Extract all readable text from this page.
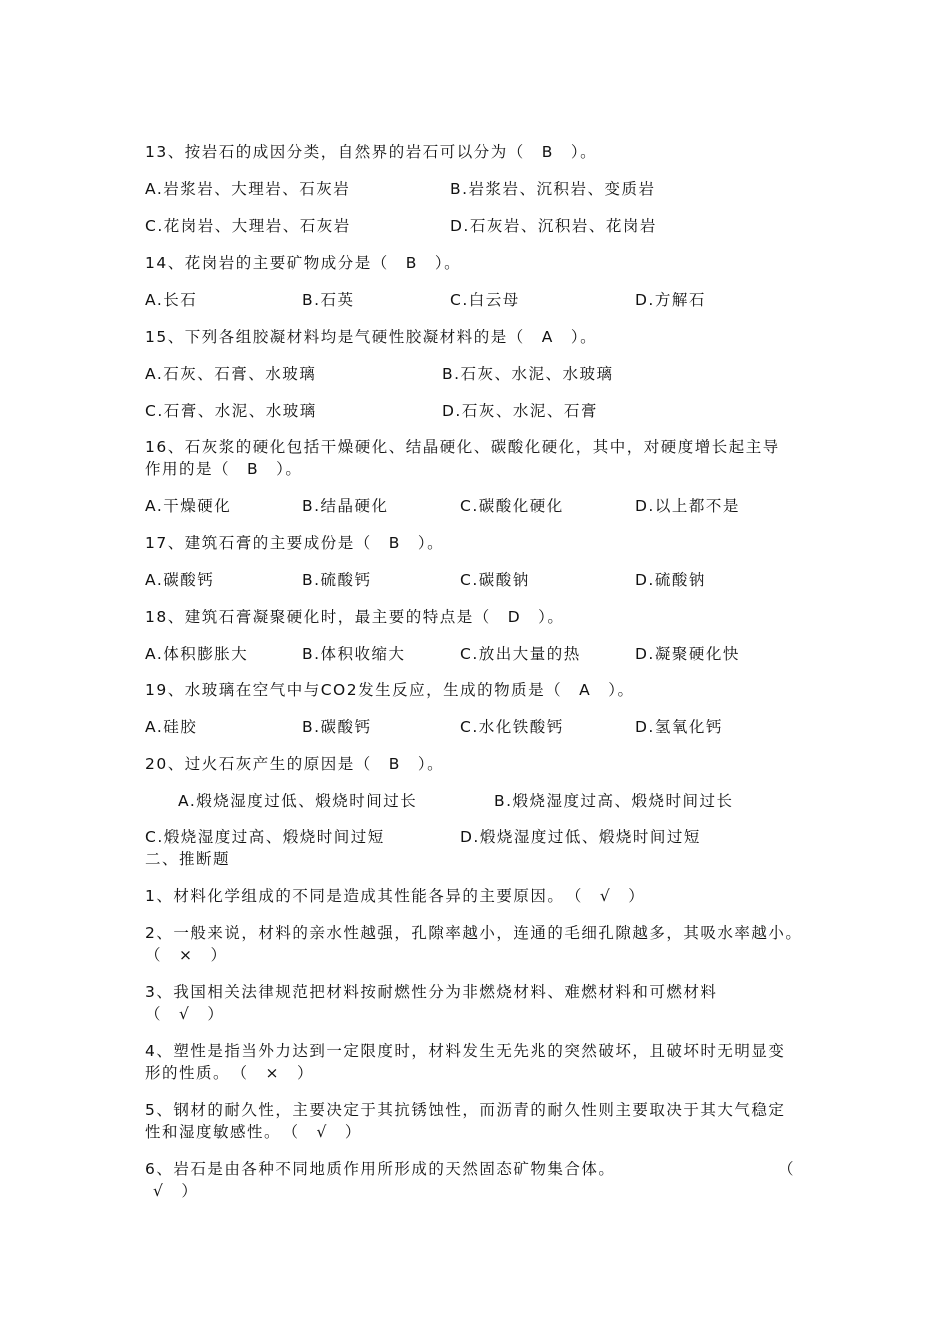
13、按岩石的成因分类，自然界的岩石可以分为（　B　）。
A.岩浆岩、大理岩、石灰岩	B.岩浆岩、沉积岩、变质岩
C.花岗岩、大理岩、石灰岩	D.石灰岩、沉积岩、花岗岩
14、花岗岩的主要矿物成分是（　B　）。
A.长石	B.石英	C.白云母	D.方解石
15、下列各组胶凝材料均是气硬性胶凝材料的是（　A　）。
A.石灰、石膏、水玻璃	B.石灰、水泥、水玻璃
C.石膏、水泥、水玻璃	D.石灰、水泥、石膏
16、石灰浆的硬化包括干燥硬化、结晶硬化、碳酸化硬化，其中，对硬度增长起主导
作用的是（　B　）。
A.干燥硬化	B.结晶硬化	C.碳酸化硬化	D.以上都不是
17、建筑石膏的主要成份是（　B　）。
A.碳酸钙	B.硫酸钙	C.碳酸钠	D.硫酸钠
18、建筑石膏凝聚硬化时，最主要的特点是（　D　）。
A.体积膨胀大	B.体积收缩大	C.放出大量的热	D.凝聚硬化快
19、水玻璃在空气中与CO2发生反应，生成的物质是（　A　）。
A.硅胶	B.碳酸钙	C.水化铁酸钙	D.氢氧化钙
20、过火石灰产生的原因是（　B　）。
A.煅烧湿度过低、煅烧时间过长	B.煅烧湿度过高、煅烧时间过长
C.煅烧湿度过高、煅烧时间过短	D.煅烧湿度过低、煅烧时间过短
二、推断题
1、材料化学组成的不同是造成其性能各异的主要原因。　（　√　）
2、一般来说，材料的亲水性越强，孔隙率越小，连通的毛细孔隙越多，其吸水率越小。
（　×　）
3、我国相关法律规范把材料按耐燃性分为非燃烧材料、难燃材料和可燃材料
（　√　）
4、塑性是指当外力达到一定限度时，材料发生无先兆的突然破坏，且破坏时无明显变
形的性质。　（　×　）
5、钢材的耐久性，主要决定于其抗锈蚀性，而沥青的耐久性则主要取决于其大气稳定
性和湿度敏感性。　（　√　）
6、岩石是由各种不同地质作用所形成的天然固态矿物集合体。	（
√　）
